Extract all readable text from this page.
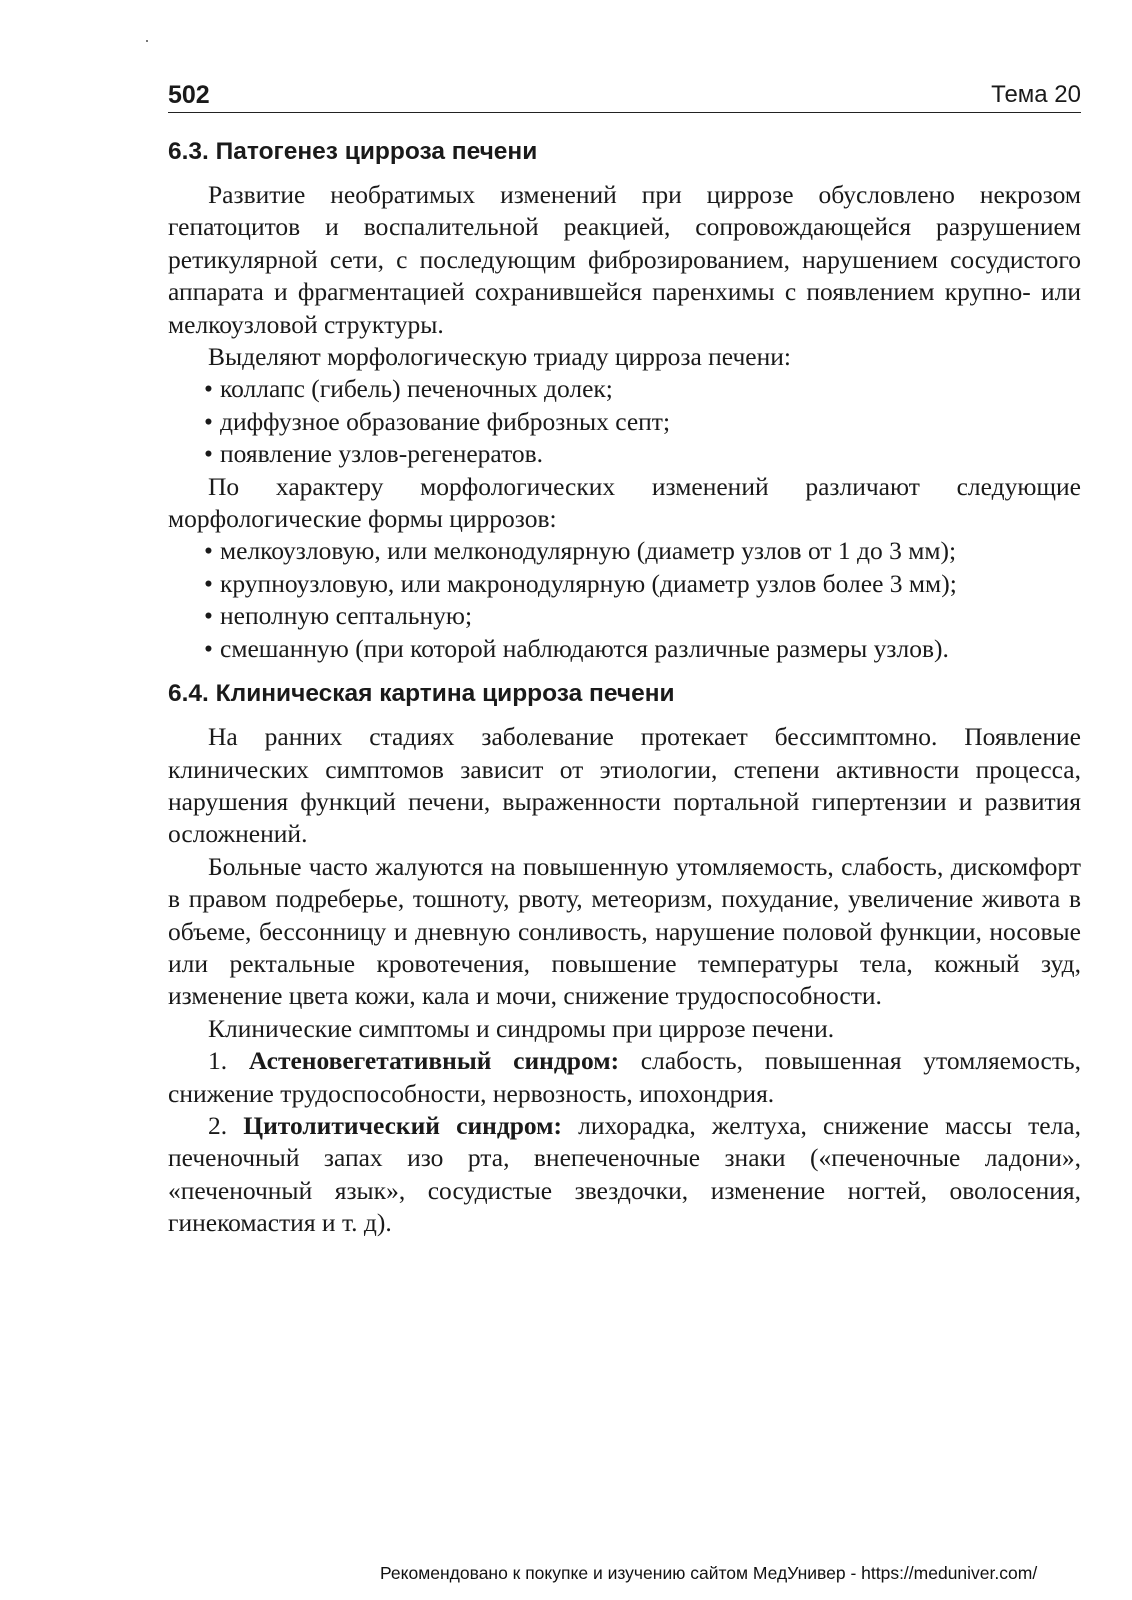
502	Тема 20
6.3. Патогенез цирроза печени

Развитие необратимых изменений при циррозе обусловлено некрозом гепатоцитов и воспалительной реакцией, сопровождающейся разрушением ретикулярной сети, с последующим фиброзированием, нарушением сосудистого аппарата и фрагментацией сохранившейся паренхимы с появлением крупно- или мелкоузловой структуры.

Выделяют морфологическую триаду цирроза печени:

• коллапс (гибель) печеночных долек;
• диффузное образование фиброзных септ;
• появление узлов-регенератов.

По характеру морфологических изменений различают следующие морфологические формы циррозов:

• мелкоузловую, или мелконодулярную (диаметр узлов от 1 до 3 мм);
• крупноузловую, или макронодулярную (диаметр узлов более 3 мм);
• неполную септальную;
• смешанную (при которой наблюдаются различные размеры узлов).
6.4. Клиническая картина цирроза печени

На ранних стадиях заболевание протекает бессимптомно. Появление клинических симптомов зависит от этиологии, степени активности процесса, нарушения функций печени, выраженности портальной гипертензии и развития осложнений.

Больные часто жалуются на повышенную утомляемость, слабость, дискомфорт в правом подреберье, тошноту, рвоту, метеоризм, похудание, увеличение живота в объеме, бессонницу и дневную сонливость, нарушение половой функции, носовые или ректальные кровотечения, повышение температуры тела, кожный зуд, изменение цвета кожи, кала и мочи, снижение трудоспособности.

Клинические симптомы и синдромы при циррозе печени.

1. Астеновегетативный синдром: слабость, повышенная утомляемость, снижение трудоспособности, нервозность, ипохондрия.

2. Цитолитический синдром: лихорадка, желтуха, снижение массы тела, печеночный запах изо рта, внепеченочные знаки («печеночные ладони», «печеночный язык», сосудистые звездочки, изменение ногтей, оволосения, гинекомастия и т. д).

Рекомендовано к покупке и изучению сайтом МедУнивер - https://meduniver.com/
